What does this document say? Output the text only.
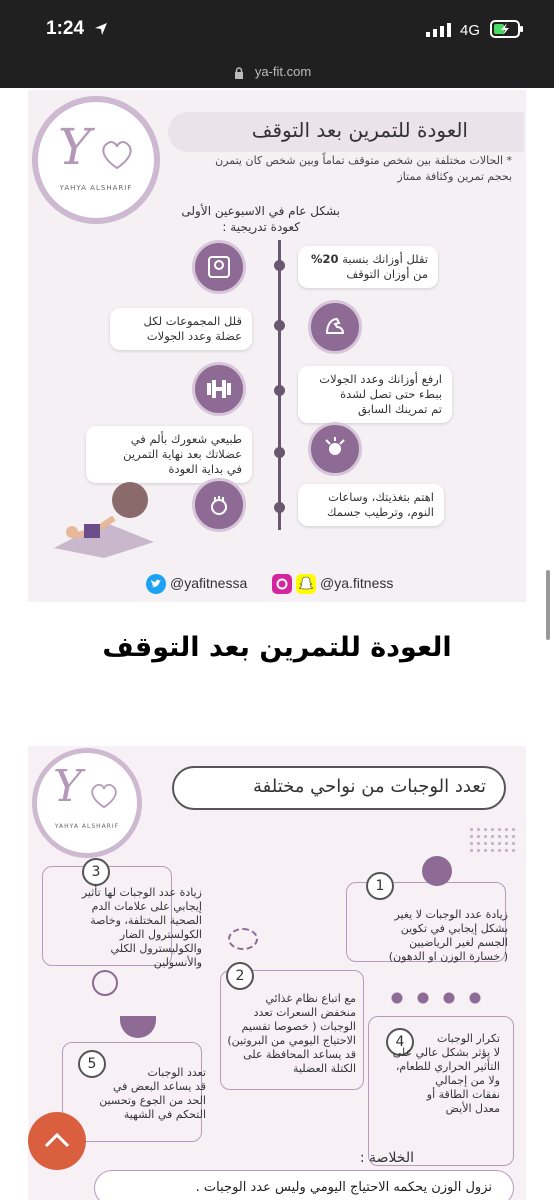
1:24	4G
ya-fit.com
Y
YAHYA ALSHARIF
العودة للتمرين بعد التوقف
* الحالات مختلفة بين شخص متوقف تماماً وبين شخص كان يتمرن
بحجم تمرين وكثافة ممتاز
بشكل عام في الاسبوعين الأولى
كعودة تدريجية :
تقلل أوزانك بنسبة 20%
من أوزان التوقف
قلل المجموعات لكل
عضلة وعدد الجولات
ارفع أوزانك وعدد الجولات
ببطء حتى تصل لشدة
تم تمرينك السابق
طبيعي شعورك بألم في
عضلاتك بعد نهاية التمرين
في بداية العودة
اهتم بتغذيتك، وساعات
النوم، وترطيب جسمك
@yafitnessa	@ya.fitness
العودة للتمرين بعد التوقف
Y
YAHYA ALSHARIF
تعدد الوجبات من نواحي مختلفة
1
زيادة عدد الوجبات لا يغير
بشكل إيجابي في تكوين
الجسم لغير الرياضيين
( خسارة الوزن او الدهون)
3
زيادة عدد الوجبات لها تأثير
إيجابي على علامات الدم
الصحية المختلفة، وخاصة
الكولسترول الضار
والكوليسترول الكلي
والأنسولين
2
مع اتباع نظام غذائي
منخفض السعرات تعدد
الوجبات ( خصوصا تقسيم
الاحتياج اليومي من البروتين)
قد يساعد المحافظة على
الكتلة العضلية
4	تكرار الوجبات
لا يؤثر بشكل عالي على
التأثير الحراري للطعام،
ولا من إجمالي
نفقات الطاقة أو
معدل الأيض
5
تعدد الوجبات
قد يساعد البعض في
الحد من الجوع وتحسين
التحكم في الشهية
الخلاصة :
نزول الوزن يحكمه الاحتياج اليومي وليس عدد الوجبات .
